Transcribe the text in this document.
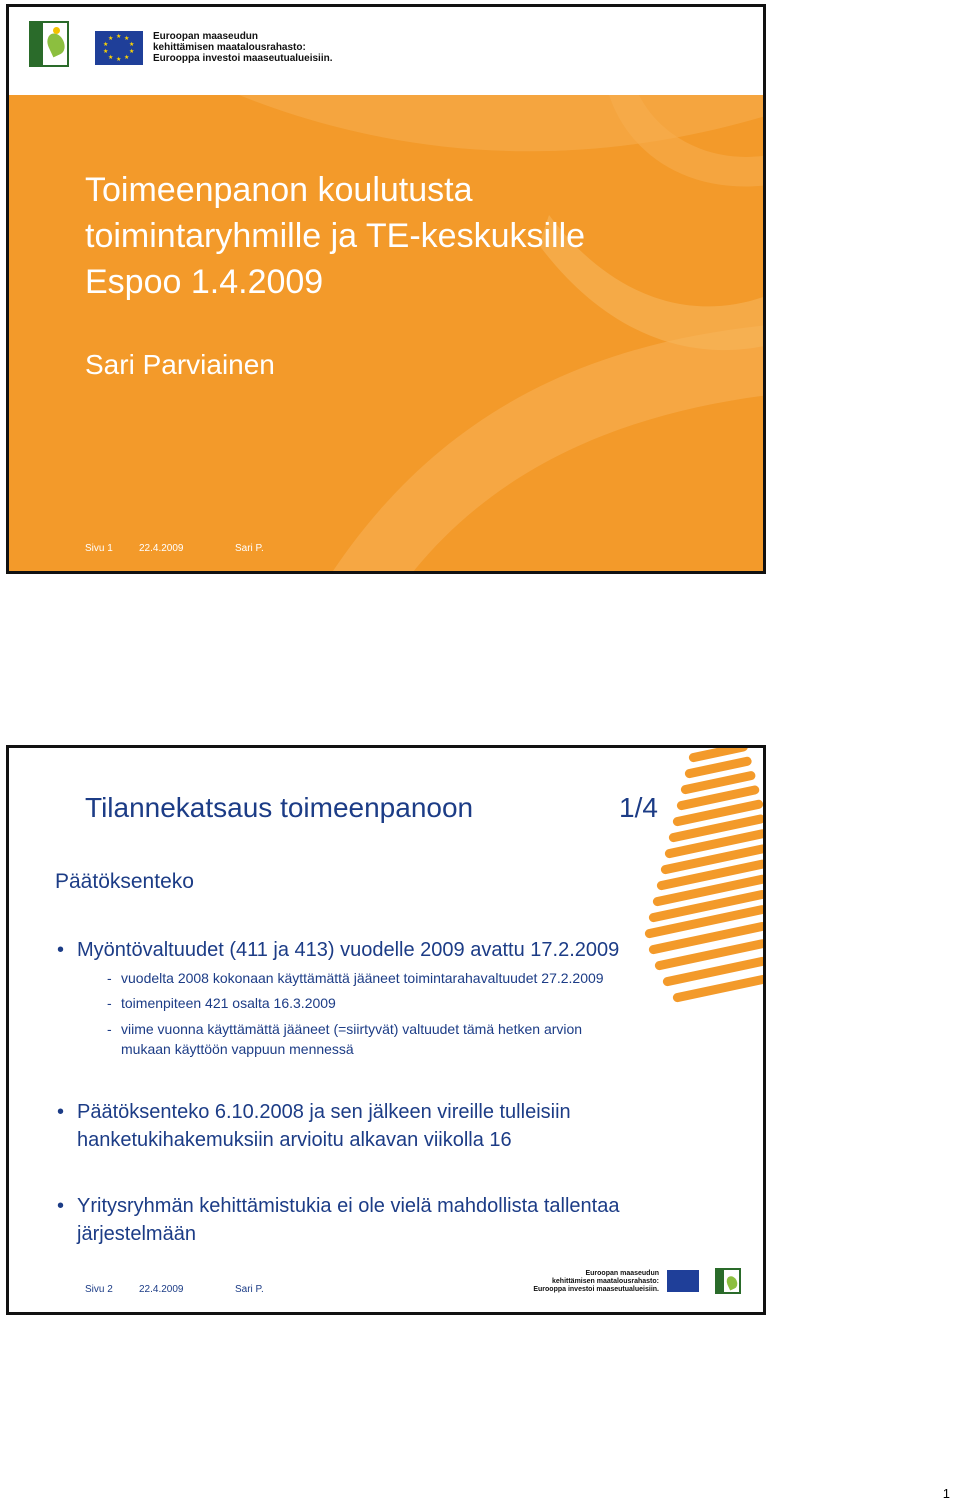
★ ★
★
★
★
★
★
★
★
★	Euroopan maaseudun
kehittämisen maatalousrahasto:
Eurooppa investoi maaseutualueisiin.
Toimeenpanon koulutusta
toimintaryhmille ja TE-keskuksille
Espoo 1.4.2009
Sari Parviainen
Sivu 1	22.4.2009	Sari P.
Tilannekatsaus toimeenpanoon	1/4
Päätöksenteko
• Myöntövaltuudet (411 ja 413) vuodelle 2009 avattu 17.2.2009
- vuodelta 2008 kokonaan käyttämättä jääneet toimintarahavaltuudet 27.2.2009
- toimenpiteen 421 osalta 16.3.2009
- viime vuonna käyttämättä jääneet (=siirtyvät) valtuudet tämä hetken arvion
mukaan käyttöön vappuun mennessä
• Päätöksenteko 6.10.2008 ja sen jälkeen vireille tulleisiin
hanketukihakemuksiin arvioitu alkavan viikolla 16
• Yritysryhmän kehittämistukia ei ole vielä mahdollista tallentaa
järjestelmään
Sivu 2	22.4.2009	Sari P.
Euroopan maaseudun
kehittämisen maatalousrahasto:
Eurooppa investoi maaseutualueisiin.
1
